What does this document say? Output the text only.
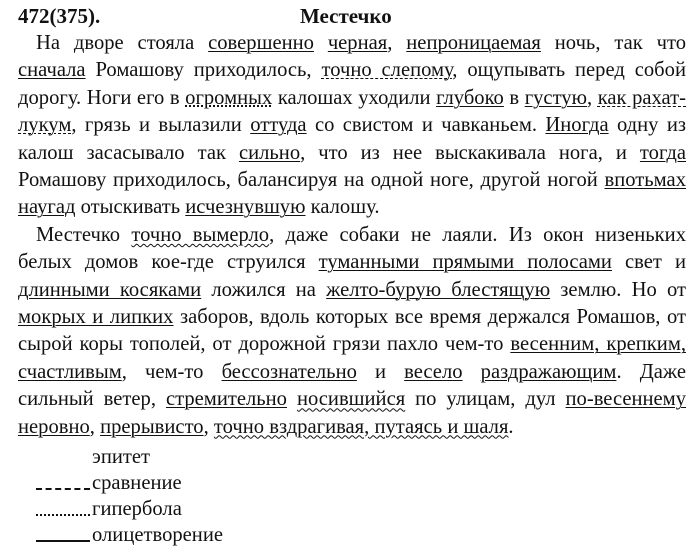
472(375).	Местечко

На дворе стояла совершенно черная, непроницаемая ночь, так что сначала Ромашову приходилось, точно слепому, ощупывать перед собой дорогу. Ноги его в огромных калошах уходили глубоко в густую, как рахат-лукум, грязь и вылазили оттуда со свистом и чавканьем. Иногда одну из калош засасывало так сильно, что из нее выскакивала нога, и тогда Ромашову приходилось, балансируя на одной ноге, другой ногой впотьмах наугад отыскивать исчезнувшую калошу.

Местечко точно вымерло, даже собаки не лаяли. Из окон низеньких белых домов кое-где струился туманными прямыми полосами свет и длинными косяками ложился на желто-бурую блестящую землю. Но от мокрых и липких заборов, вдоль которых все время держался Ромашов, от сырой коры тополей, от дорожной грязи пахло чем-то весенним, крепким, счастливым, чем-то бессознательно и весело раздражающим. Даже сильный ветер, стремительно носившийся по улицам, дул по-весеннему неровно, прерывисто, точно вздрагивая, путаясь и шаля.

эпитет
сравнение
гипербола
олицетворение
